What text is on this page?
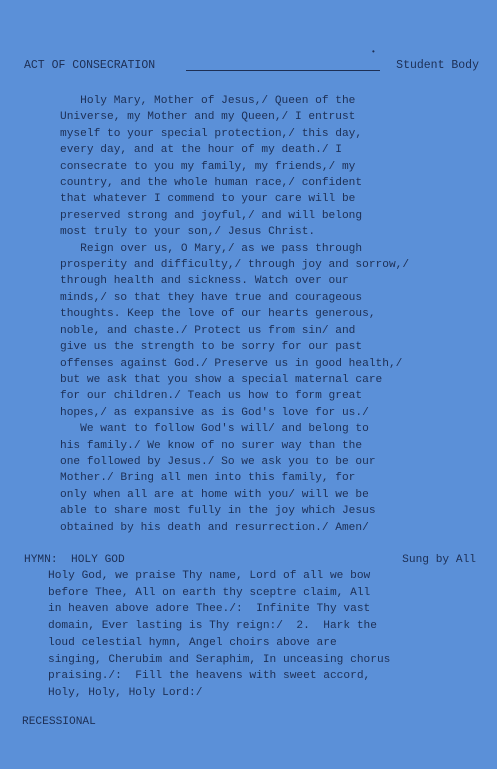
•
ACT OF CONSECRATION	Student Body
Holy Mary, Mother of Jesus,/ Queen of the
Universe, my Mother and my Queen,/ I entrust
myself to your special protection,/ this day,
every day, and at the hour of my death./ I
consecrate to you my family, my friends,/ my
country, and the whole human race,/ confident
that whatever I commend to your care will be
preserved strong and joyful,/ and will belong
most truly to your son,/ Jesus Christ.
Reign over us, O Mary,/ as we pass through
prosperity and difficulty,/ through joy and sorrow,/
through health and sickness. Watch over our
minds,/ so that they have true and courageous
thoughts. Keep the love of our hearts generous,
noble, and chaste./ Protect us from sin/ and
give us the strength to be sorry for our past
offenses against God./ Preserve us in good health,/
but we ask that you show a special maternal care
for our children./ Teach us how to form great
hopes,/ as expansive as is God's love for us./
We want to follow God's will/ and belong to
his family./ We know of no surer way than the
one followed by Jesus./ So we ask you to be our
Mother./ Bring all men into this family, for
only when all are at home with you/ will we be
able to share most fully in the joy which Jesus
obtained by his death and resurrection./ Amen/
HYMN:  HOLY GOD	Sung by All
Holy God, we praise Thy name, Lord of all we bow
before Thee, All on earth thy sceptre claim, All
in heaven above adore Thee./:  Infinite Thy vast
domain, Ever lasting is Thy reign:/  2.  Hark the
loud celestial hymn, Angel choirs above are
singing, Cherubim and Seraphim, In unceasing chorus
praising./:  Fill the heavens with sweet accord,
Holy, Holy, Holy Lord:/
RECESSIONAL
